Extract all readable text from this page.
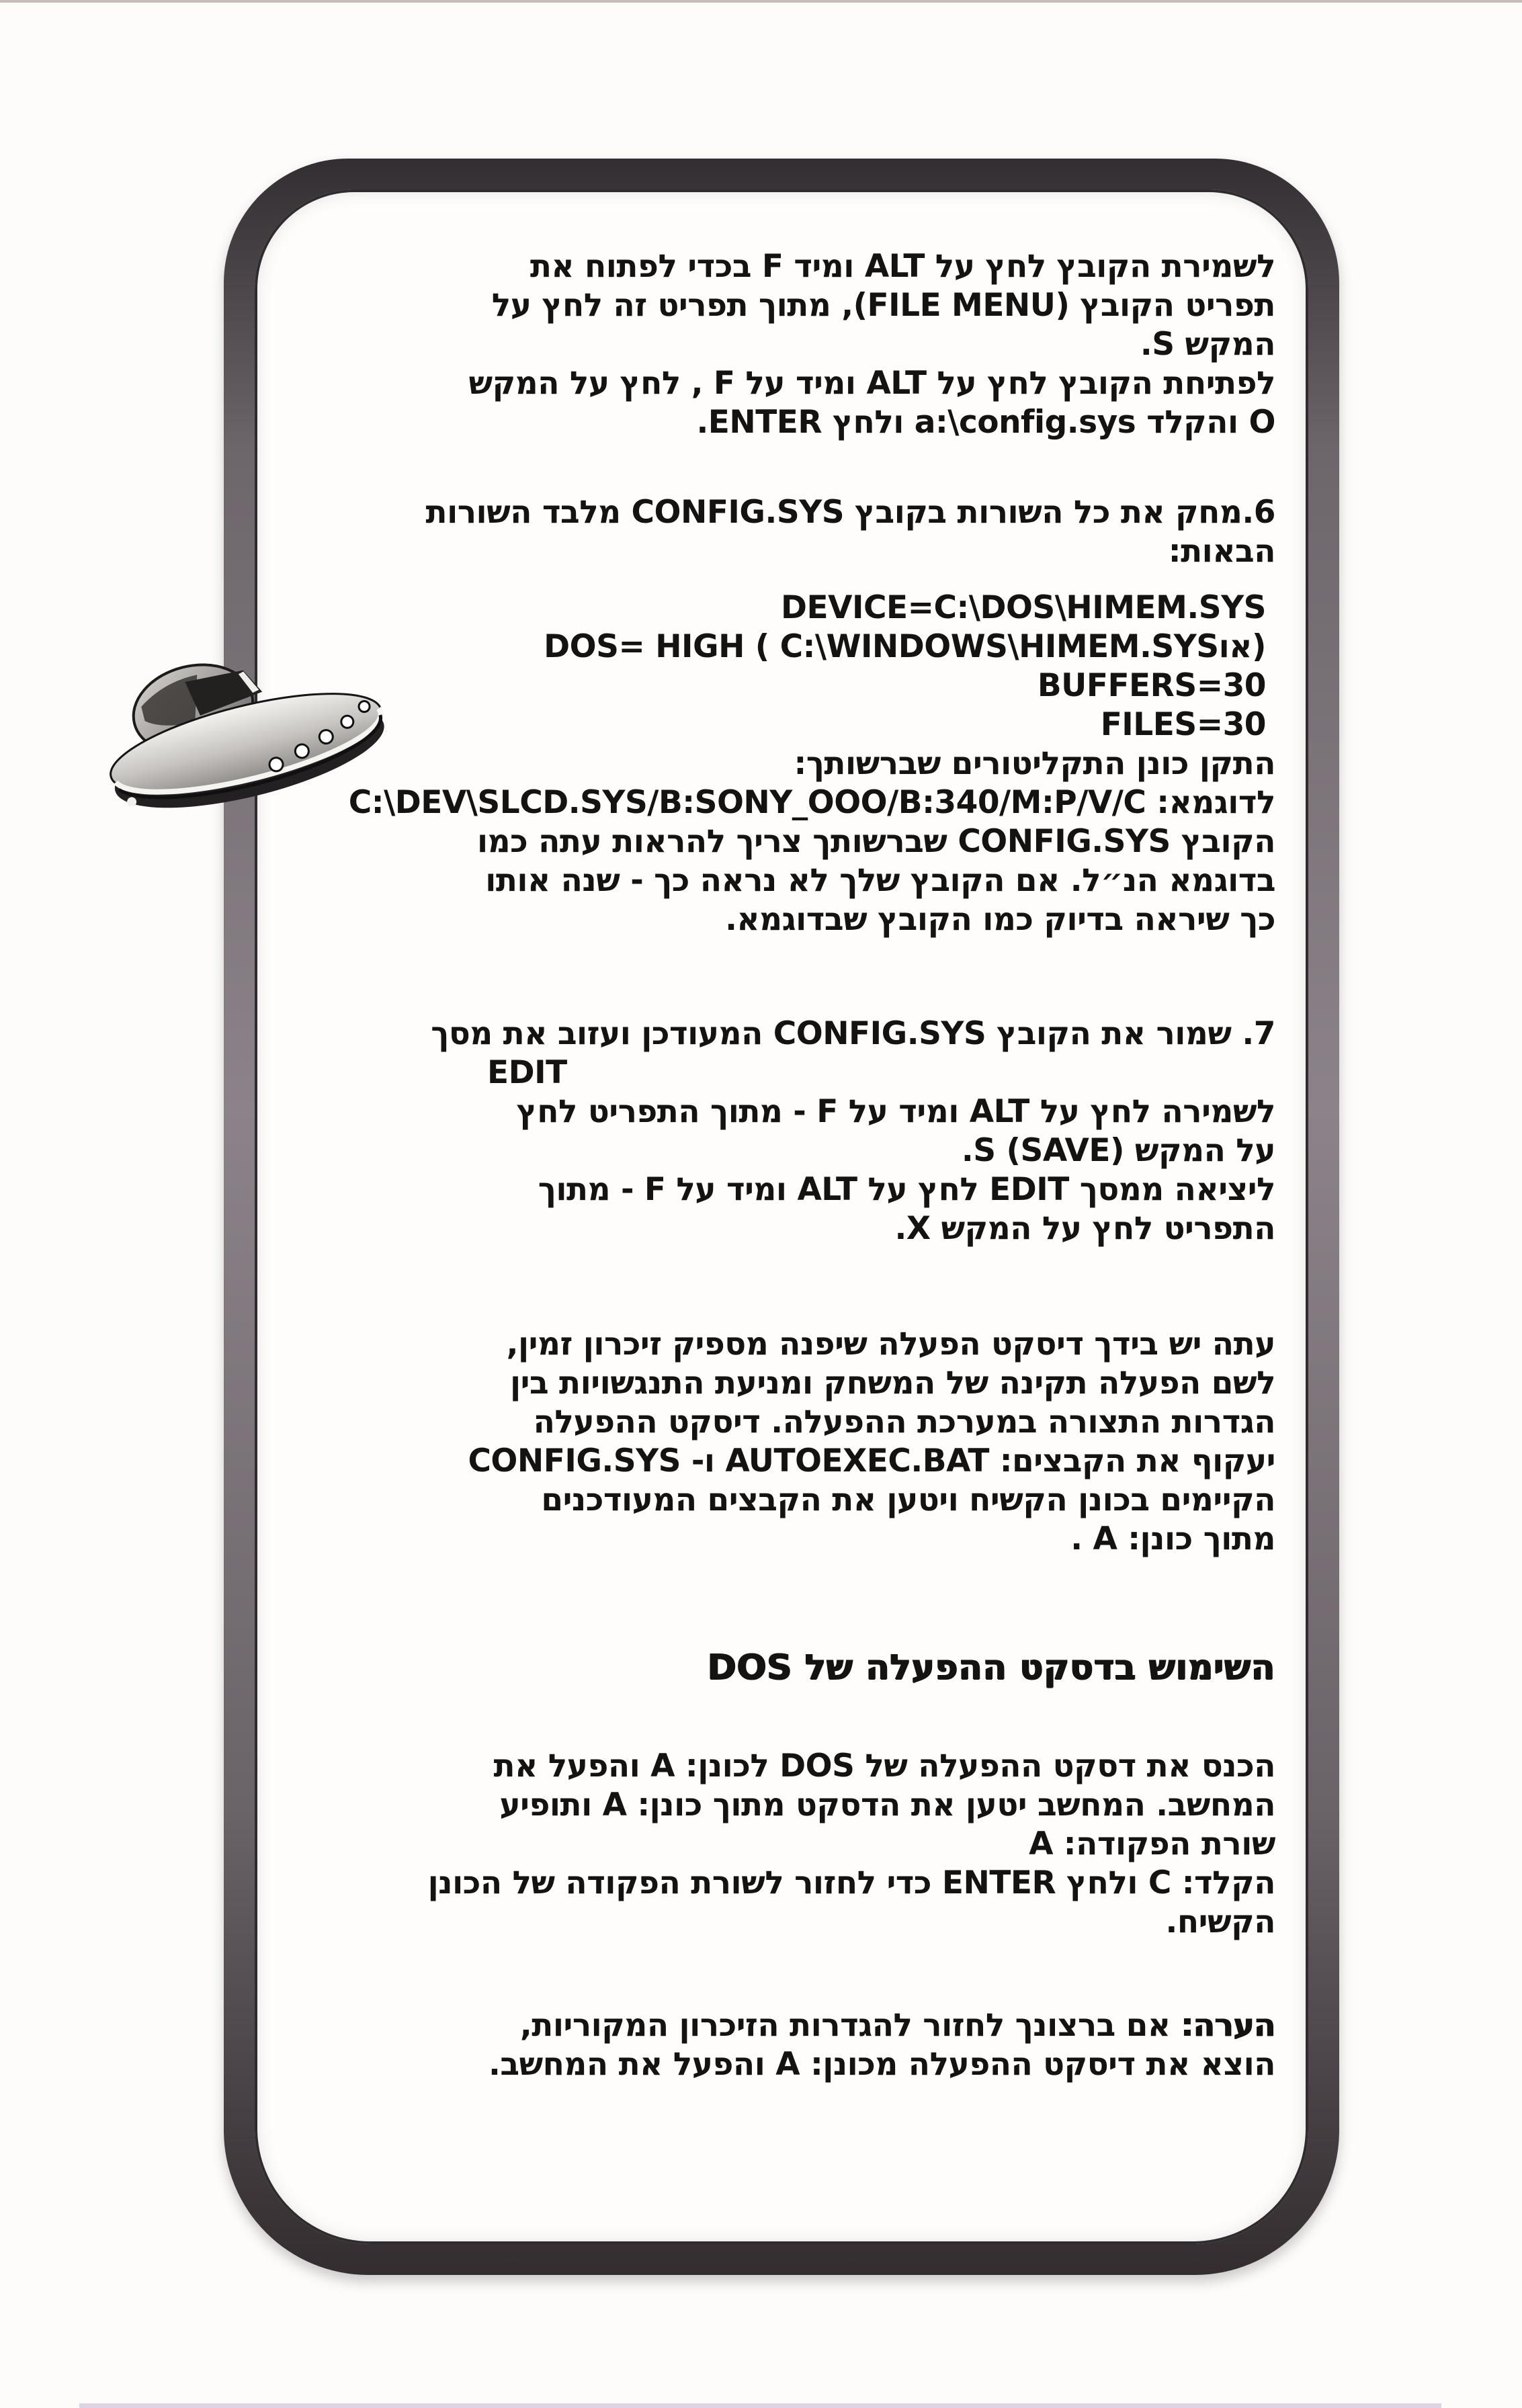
לשמירת הקובץ לחץ על ALT ומיד F בכדי לפתוח את
תפריט הקובץ (FILE MENU), מתוך תפריט זה לחץ על
המקש S.
לפתיחת הקובץ לחץ על ALT ומיד על F , לחץ על המקש
O והקלד a:\config.sys ולחץ ENTER.
6.מחק את כל השורות בקובץ CONFIG.SYS מלבד השורות
הבאות:
DEVICE=C:\DOS\HIMEM.SYS
DOS= HIGH ( C:\WINDOWS\HIMEM.SYSאו)
BUFFERS=30
FILES=30
התקן כונן התקליטורים שברשותך:
לדוגמא: C:\DEV\SLCD.SYS/B:SONY_OOO/B:340/M:P/V/C
הקובץ CONFIG.SYS שברשותך צריך להראות עתה כמו
בדוגמא הנ״ל. אם הקובץ שלך לא נראה כך - שנה אותו
כך שיראה בדיוק כמו הקובץ שבדוגמא.
7. שמור את הקובץ CONFIG.SYS המעודכן ועזוב את מסך
EDIT
לשמירה לחץ על ALT ומיד על F - מתוך התפריט לחץ
על המקש (SAVE) S.
ליציאה ממסך EDIT לחץ על ALT ומיד על F - מתוך
התפריט לחץ על המקש X.
עתה יש בידך דיסקט הפעלה שיפנה מספיק זיכרון זמין,
לשם הפעלה תקינה של המשחק ומניעת התנגשויות בין
הגדרות התצורה במערכת ההפעלה. דיסקט ההפעלה
יעקוף את הקבצים: AUTOEXEC.BAT ו- CONFIG.SYS
הקיימים בכונן הקשיח ויטען את הקבצים המעודכנים
מתוך כונן: A .
השימוש בדסקט ההפעלה של DOS
הכנס את דסקט ההפעלה של DOS לכונן: A והפעל את
המחשב. המחשב יטען את הדסקט מתוך כונן: A ותופיע
שורת הפקודה: A
הקלד: C ולחץ ENTER כדי לחזור לשורת הפקודה של הכונן
הקשיח.
הערה: אם ברצונך לחזור להגדרות הזיכרון המקוריות,
הוצא את דיסקט ההפעלה מכונן: A והפעל את המחשב.
